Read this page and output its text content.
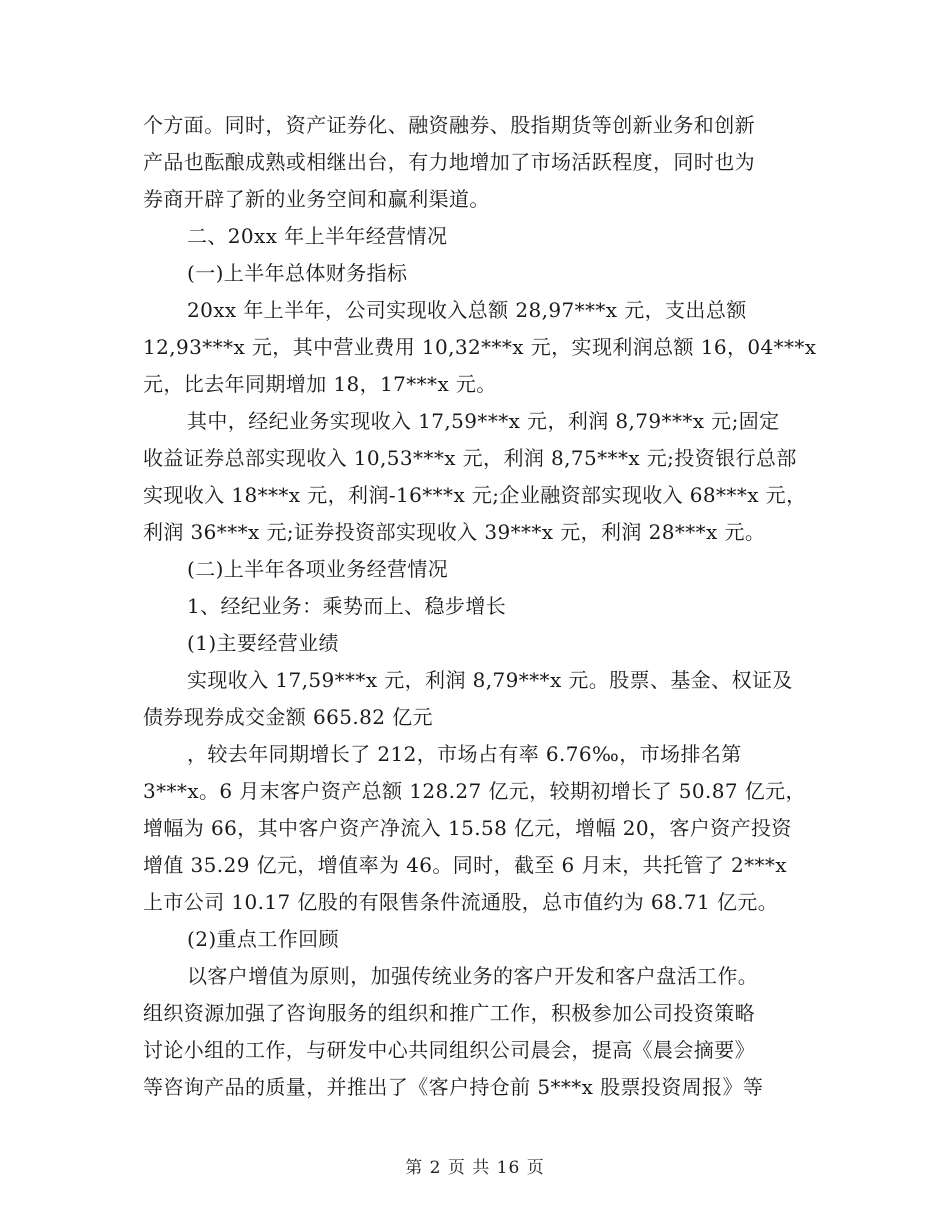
个方面。同时，资产证券化、融资融券、股指期货等创新业务和创新
产品也酝酿成熟或相继出台，有力地增加了市场活跃程度，同时也为
券商开辟了新的业务空间和赢利渠道。
二、20xx 年上半年经营情况
(一)上半年总体财务指标
20xx 年上半年，公司实现收入总额 28,97***x 元，支出总额
12,93***x 元，其中营业费用 10,32***x 元，实现利润总额 16，04***x
元，比去年同期增加 18，17***x 元。
其中，经纪业务实现收入 17,59***x 元，利润 8,79***x 元;固定
收益证券总部实现收入 10,53***x 元，利润 8,75***x 元;投资银行总部
实现收入 18***x 元，利润-16***x 元;企业融资部实现收入 68***x 元，
利润 36***x 元;证券投资部实现收入 39***x 元，利润 28***x 元。
(二)上半年各项业务经营情况
1、经纪业务：乘势而上、稳步增长
(1)主要经营业绩
实现收入 17,59***x 元，利润 8,79***x 元。股票、基金、权证及
债券现券成交金额 665.82 亿元
，较去年同期增长了 212，市场占有率 6.76‰，市场排名第
3***x。6 月末客户资产总额 128.27 亿元，较期初增长了 50.87 亿元，
增幅为 66，其中客户资产净流入 15.58 亿元，增幅 20，客户资产投资
增值 35.29 亿元，增值率为 46。同时，截至 6 月末，共托管了 2***x
上市公司 10.17 亿股的有限售条件流通股，总市值约为 68.71 亿元。
(2)重点工作回顾
以客户增值为原则，加强传统业务的客户开发和客户盘活工作。
组织资源加强了咨询服务的组织和推广工作，积极参加公司投资策略
讨论小组的工作，与研发中心共同组织公司晨会，提高《晨会摘要》
等咨询产品的质量，并推出了《客户持仓前 5***x 股票投资周报》等
第 2 页 共 16 页
